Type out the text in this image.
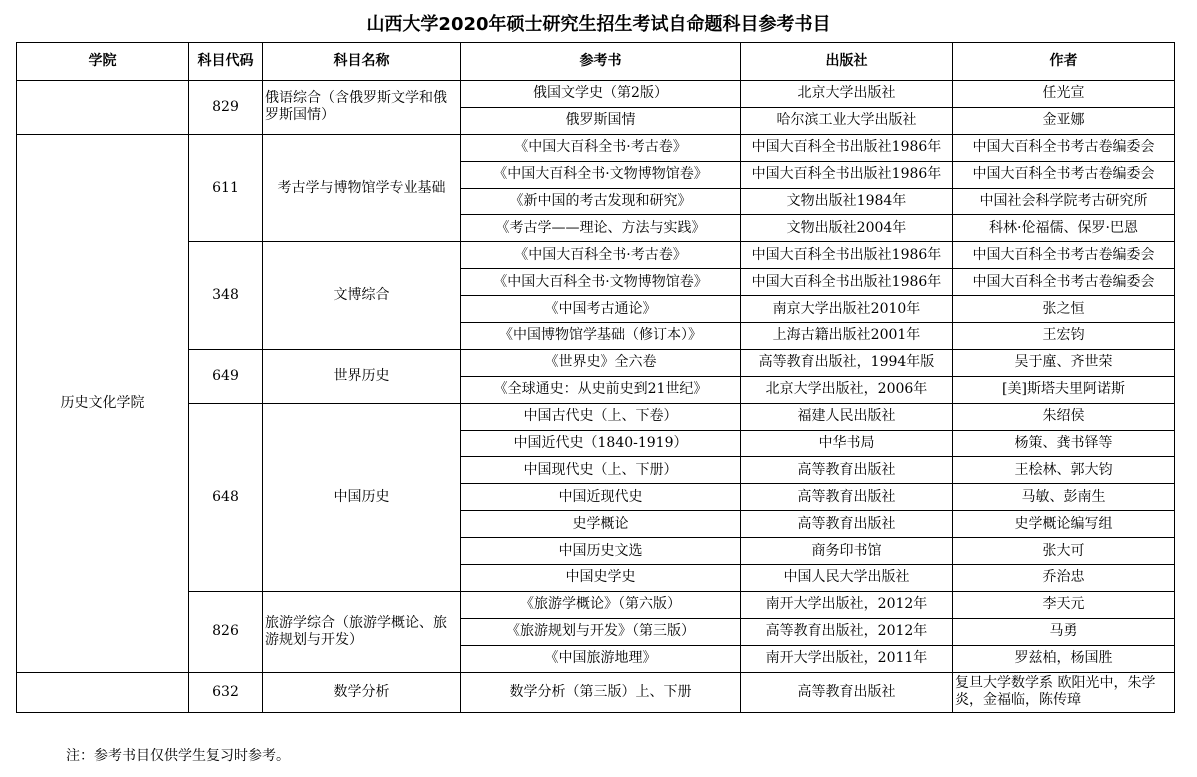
山西大学2020年硕士研究生招生考试自命题科目参考书目
学院	科目代码	科目名称	参考书	出版社	作者
	829	俄语综合（含俄罗斯文学和俄罗斯国情）	俄国文学史（第2版）	北京大学出版社	任光宣
			俄罗斯国情	哈尔滨工业大学出版社	金亚娜
历史文化学院	611	考古学与博物馆学专业基础	《中国大百科全书·考古卷》	中国大百科全书出版社1986年	中国大百科全书考古卷编委会
			《中国大百科全书·文物博物馆卷》	中国大百科全书出版社1986年	中国大百科全书考古卷编委会
			《新中国的考古发现和研究》	文物出版社1984年	中国社会科学院考古研究所
			《考古学——理论、方法与实践》	文物出版社2004年	科林·伦福儒、保罗·巴恩
	348	文博综合	《中国大百科全书·考古卷》	中国大百科全书出版社1986年	中国大百科全书考古卷编委会
			《中国大百科全书·文物博物馆卷》	中国大百科全书出版社1986年	中国大百科全书考古卷编委会
			《中国考古通论》	南京大学出版社2010年	张之恒
			《中国博物馆学基础（修订本）》	上海古籍出版社2001年	王宏钧
	649	世界历史	《世界史》全六卷	高等教育出版社，1994年版	吴于廑、齐世荣
			《全球通史：从史前史到21世纪》	北京大学出版社，2006年	[美]斯塔夫里阿诺斯
	648	中国历史	中国古代史（上、下卷）	福建人民出版社	朱绍侯
			中国近代史（1840-1919）	中华书局	杨策、龚书铎等
			中国现代史（上、下册）	高等教育出版社	王桧林、郭大钧
			中国近现代史	高等教育出版社	马敏、彭南生
			史学概论	高等教育出版社	史学概论编写组
			中国历史文选	商务印书馆	张大可
			中国史学史	中国人民大学出版社	乔治忠
	826	旅游学综合（旅游学概论、旅游规划与开发）	《旅游学概论》（第六版）	南开大学出版社，2012年	李天元
			《旅游规划与开发》（第三版）	高等教育出版社，2012年	马勇
			《中国旅游地理》	南开大学出版社，2011年	罗兹柏，杨国胜
	632	数学分析	数学分析（第三版）上、下册	高等教育出版社	复旦大学数学系 欧阳光中，朱学炎，金福临，陈传璋
注：参考书目仅供学生复习时参考。
